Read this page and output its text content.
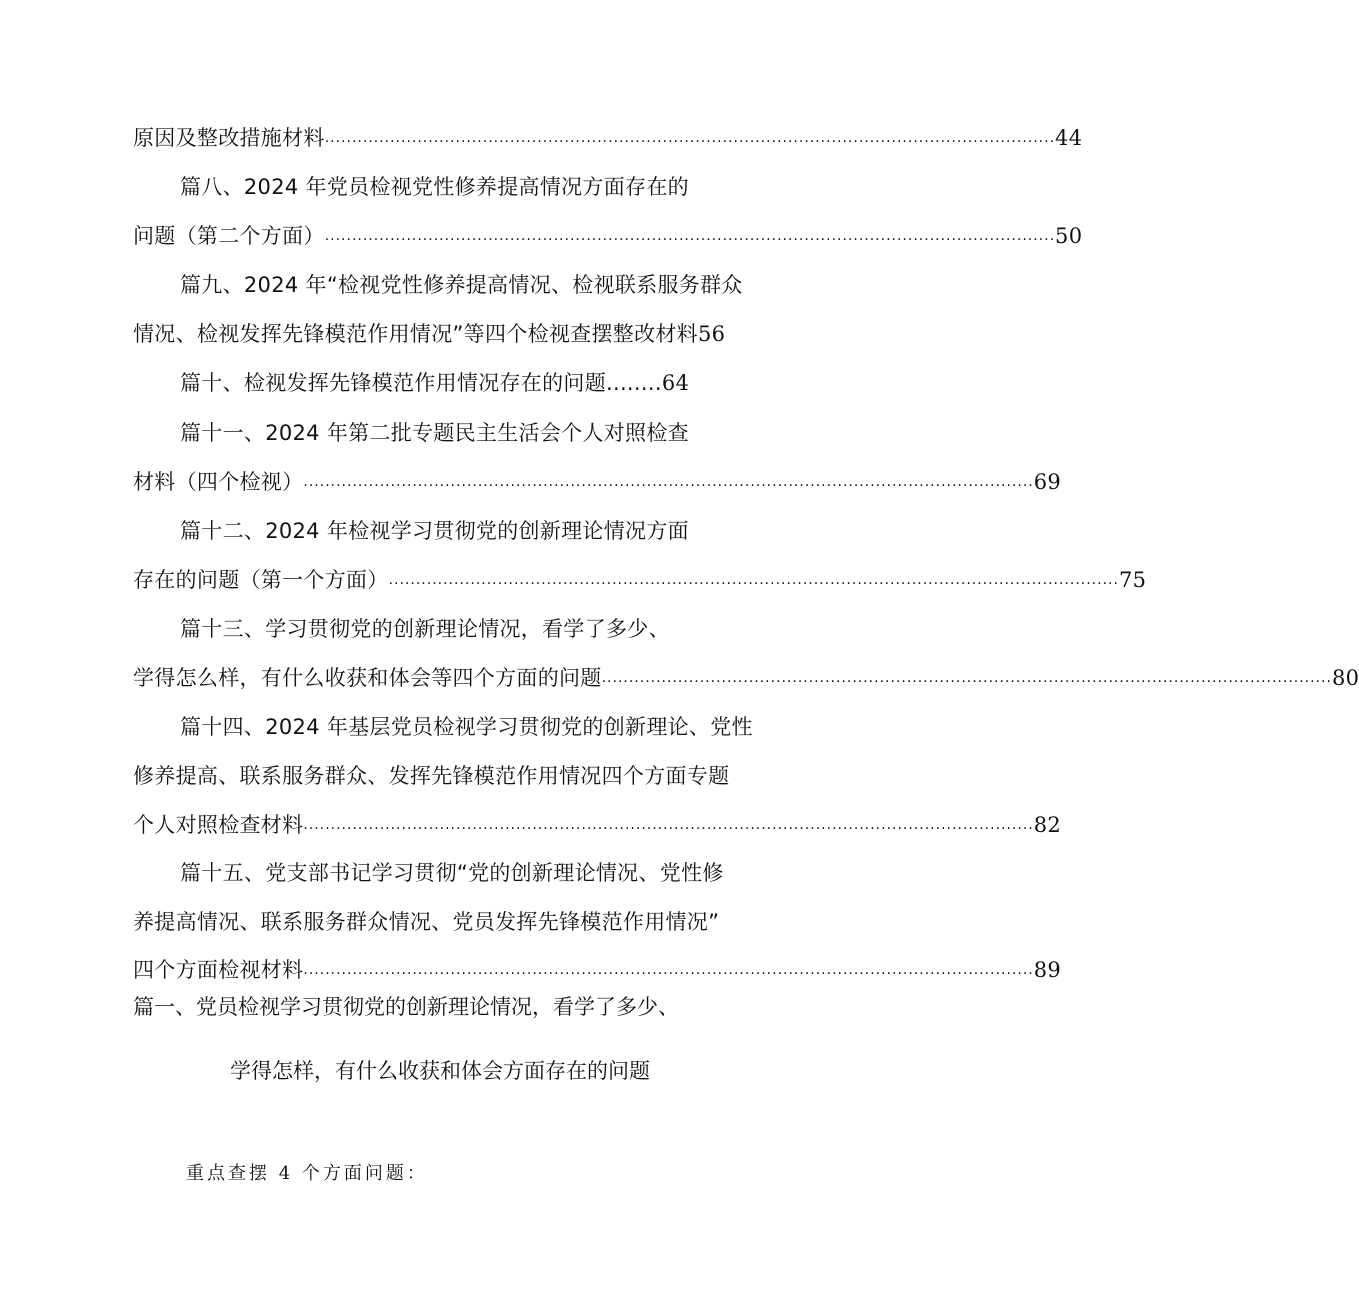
原因及整改措施材料 ...................................................................................................................................... 44
篇八、2024 年党员检视党性修养提高情况方面存在的
问题（第二个方面） ...................................................................................................................................... 50
篇九、2024 年“检视党性修养提高情况、检视联系服务群众
情况、检视发挥先锋模范作用情况”等四个检视查摆整改材料56
篇十、检视发挥先锋模范作用情况存在的问题........64
篇十一、2024 年第二批专题民主生活会个人对照检查
材料（四个检视） ...................................................................................................................................... 69
篇十二、2024 年检视学习贯彻党的创新理论情况方面
存在的问题（第一个方面） ...................................................................................................................................... 75
篇十三、学习贯彻党的创新理论情况，看学了多少、
学得怎么样，有什么收获和体会等四个方面的问题 ...................................................................................................................................... 80
篇十四、2024 年基层党员检视学习贯彻党的创新理论、党性
修养提高、联系服务群众、发挥先锋模范作用情况四个方面专题
个人对照检查材料 ...................................................................................................................................... 82
篇十五、党支部书记学习贯彻“党的创新理论情况、党性修
养提高情况、联系服务群众情况、党员发挥先锋模范作用情况”
四个方面检视材料 ...................................................................................................................................... 89
篇一、党员检视学习贯彻党的创新理论情况，看学了多少、
学得怎样，有什么收获和体会方面存在的问题
重点查摆 4 个方面问题：
